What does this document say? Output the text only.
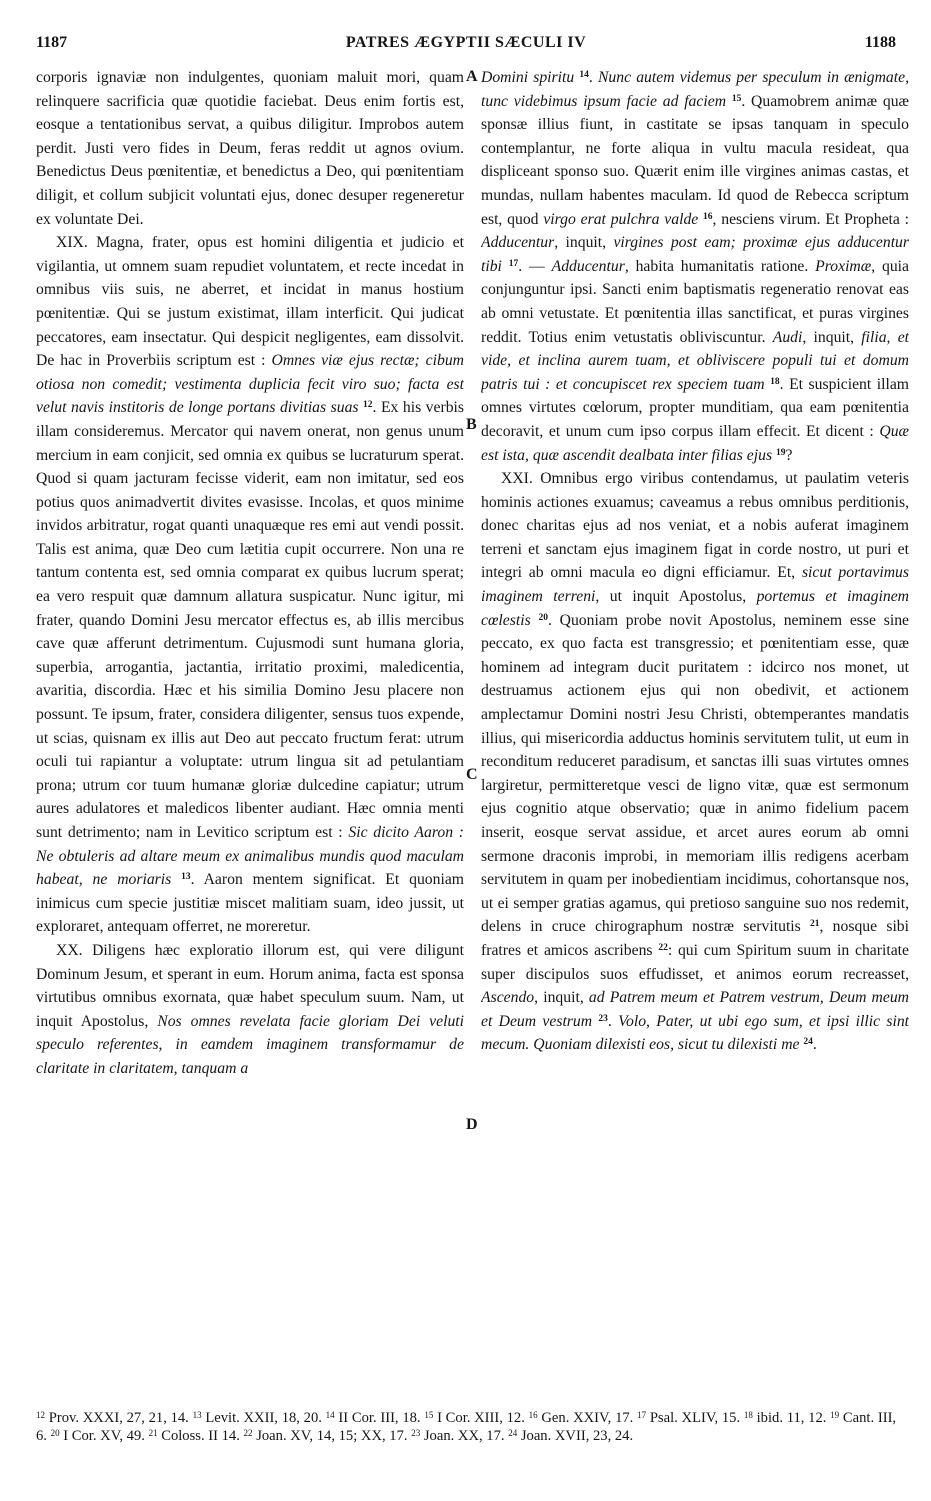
1187	PATRES ÆGYPTII SÆCULI IV	1188

corporis ignaviæ non indulgentes, quoniam maluit mori, quam relinquere sacrificia quæ quotidie faciebat. Deus enim fortis est, eosque a tentationibus servat, a quibus diligitur. Improbos autem perdit. Justi vero fides in Deum, feras reddit ut agnos ovium. Benedictus Deus pœnitentiæ, et benedictus a Deo, qui pœnitentiam diligit, et collum subjicit voluntati ejus, donec desuper regeneretur ex voluntate Dei.

XIX. Magna, frater, opus est homini diligentia et judicio et vigilantia, ut omnem suam repudiet voluntatem, et recte incedat in omnibus viis suis, ne aberret, et incidat in manus hostium pœnitentiæ. Qui se justum existimat, illam interficit. Qui judicat peccatores, eam insectatur. Qui despicit negligentes, eam dissolvit. De hac in Proverbiis scriptum est : Omnes viæ ejus rectæ; cibum otiosa non comedit; vestimenta duplicia fecit viro suo; facta est velut navis institoris de longe portans divitias suas $^{12}$. Ex his verbis illam consideremus. Mercator qui navem onerat, non genus unum mercium in eam conjicit, sed omnia ex quibus se lucraturum sperat. Quod si quam jacturam fecisse viderit, eam non imitatur, sed eos potius quos animadvertit divites evasisse. Incolas, et quos minime invidos arbitratur, rogat quanti unaquæque res emi aut vendi possit. Talis est anima, quæ Deo cum lætitia cupit occurrere. Non una re tantum contenta est, sed omnia comparat ex quibus lucrum sperat; ea vero respuit quæ damnum allatura suspicatur. Nunc igitur, mi frater, quando Domini Jesu mercator effectus es, ab illis mercibus cave quæ afferunt detrimentum. Cujusmodi sunt humana gloria, superbia, arrogantia, jactantia, irritatio proximi, maledicentia, avaritia, discordia. Hæc et his similia Domino Jesu placere non possunt. Te ipsum, frater, considera diligenter, sensus tuos expende, ut scias, quisnam ex illis aut Deo aut peccato fructum ferat: utrum oculi tui rapiantur a voluptate: utrum lingua sit ad petulantiam prona; utrum cor tuum humanæ gloriæ dulcedine capiatur; utrum aures adulatores et maledicos libenter audiant. Hæc omnia menti sunt detrimento; nam in Levitico scriptum est : Sic dicito Aaron : Ne obtuleris ad altare meum ex animalibus mundis quod maculam habeat, ne moriaris $^{13}$. Aaron mentem significat. Et quoniam inimicus cum specie justitiæ miscet malitiam suam, ideo jussit, ut exploraret, antequam offerret, ne moreretur.

XX. Diligens hæc exploratio illorum est, qui vere diligunt Dominum Jesum, et sperant in eum. Horum anima, facta est sponsa virtutibus omnibus exornata, quæ habet speculum suum. Nam, ut inquit Apostolus, Nos omnes revelata facie gloriam Dei veluti speculo referentes, in eamdem imaginem transformamur de claritate in claritatem, tanquam a

Domini spiritu $^{14}$. Nunc autem videmus per speculum in ænigmate, tunc videbimus ipsum facie ad faciem $^{15}$. Quamobrem animæ quæ sponsæ illius fiunt, in castitate se ipsas tanquam in speculo contemplantur, ne forte aliqua in vultu macula resideat, qua displiceant sponso suo. Quærit enim ille virgines animas castas, et mundas, nullam habentes maculam. Id quod de Rebecca scriptum est, quod virgo erat pulchra valde $^{16}$, nesciens virum. Et Propheta : Adducentur, inquit, virgines post eam; proximæ ejus adducentur tibi $^{17}$. — Adducentur, habita humanitatis ratione. Proximæ, quia conjunguntur ipsi. Sancti enim baptismatis regeneratio renovat eas ab omni vetustate. Et pœnitentia illas sanctificat, et puras virgines reddit. Totius enim vetustatis obliviscuntur. Audi, inquit, filia, et vide, et inclina aurem tuam, et obliviscere populi tui et domum patris tui : et concupiscet rex speciem tuam $^{18}$. Et suspicient illam omnes virtutes cœlorum, propter munditiam, qua eam pœnitentia decoravit, et unum cum ipso corpus illam effecit. Et dicent : Quæ est ista, quæ ascendit dealbata inter filias ejus $^{19}$?

XXI. Omnibus ergo viribus contendamus, ut paulatim veteris hominis actiones exuamus; caveamus a rebus omnibus perditionis, donec charitas ejus ad nos veniat, et a nobis auferat imaginem terreni et sanctam ejus imaginem figat in corde nostro, ut puri et integri ab omni macula eo digni efficiamur. Et, sicut portavimus imaginem terreni, ut inquit Apostolus, portemus et imaginem cœlestis $^{20}$. Quoniam probe novit Apostolus, neminem esse sine peccato, ex quo facta est transgressio; et pœnitentiam esse, quæ hominem ad integram ducit puritatem : idcirco nos monet, ut destruamus actionem ejus qui non obedivit, et actionem amplectamur Domini nostri Jesu Christi, obtemperantes mandatis illius, qui misericordia adductus hominis servitutem tulit, ut eum in reconditum reduceret paradisum, et sanctas illi suas virtutes omnes largiretur, permitteretque vesci de ligno vitæ, quæ est sermonum ejus cognitio atque observatio; quæ in animo fidelium pacem inserit, eosque servat assidue, et arcet aures eorum ab omni sermone draconis improbi, in memoriam illis redigens acerbam servitutem in quam per inobedientiam incidimus, cohortansque nos, ut ei semper gratias agamus, qui pretioso sanguine suo nos redemit, delens in cruce chirographum nostræ servitutis $^{21}$, nosque sibi fratres et amicos ascribens $^{22}$: qui cum Spiritum suum in charitate super discipulos suos effudisset, et animos eorum recreasset, Ascendo, inquit, ad Patrem meum et Patrem vestrum, Deum meum et Deum vestrum $^{23}$. Volo, Pater, ut ubi ego sum, et ipsi illic sint mecum. Quoniam dilexisti eos, sicut tu dilexisti me $^{24}$.

A
B
C
D
$^{12}$ Prov. XXXI, 27, 21, 14. $^{13}$ Levit. XXII, 18, 20. $^{14}$ II Cor. III, 18. $^{15}$ I Cor. XIII, 12. $^{16}$ Gen. XXIV, 17. $^{17}$ Psal. XLIV, 15. $^{18}$ ibid. 11, 12. $^{19}$ Cant. III, 6. $^{20}$ I Cor. XV, 49. $^{21}$ Coloss. II 14. $^{22}$ Joan. XV, 14, 15; XX, 17. $^{23}$ Joan. XX, 17. $^{24}$ Joan. XVII, 23, 24.
